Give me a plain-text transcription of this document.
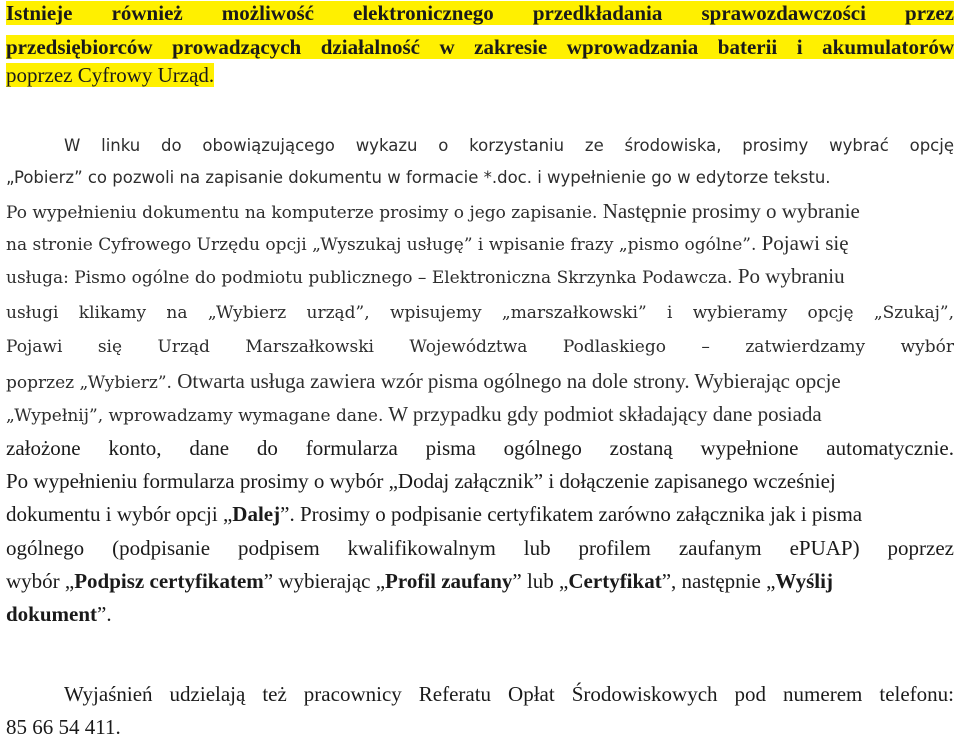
Istnieje również możliwość elektronicznego przedkładania sprawozdawczości przez
przedsiębiorców prowadzących działalność w zakresie wprowadzania baterii i akumulatorów
poprzez Cyfrowy Urząd.
W linku do obowiązującego wykazu o korzystaniu ze środowiska, prosimy wybrać opcję
„Pobierz” co pozwoli na zapisanie dokumentu w formacie *.doc. i wypełnienie go w edytorze tekstu.
Po wypełnieniu dokumentu na komputerze prosimy o jego zapisanie. Następnie prosimy o wybranie
na stronie Cyfrowego Urzędu opcji „Wyszukaj usługę” i wpisanie frazy „pismo ogólne”. Pojawi się
usługa: Pismo ogólne do podmiotu publicznego – Elektroniczna Skrzynka Podawcza. Po wybraniu
usługi klikamy na „Wybierz urząd”, wpisujemy „marszałkowski” i wybieramy opcję „Szukaj”,
Pojawi się Urząd Marszałkowski Województwa Podlaskiego – zatwierdzamy wybór
poprzez „Wybierz”. Otwarta usługa zawiera wzór pisma ogólnego na dole strony. Wybierając opcje
„Wypełnij”, wprowadzamy wymagane dane. W przypadku gdy podmiot składający dane posiada
założone konto, dane do formularza pisma ogólnego zostaną wypełnione automatycznie.
Po wypełnieniu formularza prosimy o wybór „Dodaj załącznik” i dołączenie zapisanego wcześniej
dokumentu i wybór opcji „Dalej”. Prosimy o podpisanie certyfikatem zarówno załącznika jak i pisma
ogólnego (podpisanie podpisem kwalifikowalnym lub profilem zaufanym ePUAP) poprzez
wybór „Podpisz certyfikatem” wybierając „Profil zaufany” lub „Certyfikat”, następnie „Wyślij
dokument”.
Wyjaśnień udzielają też pracownicy Referatu Opłat Środowiskowych pod numerem telefonu:
85 66 54 411.
